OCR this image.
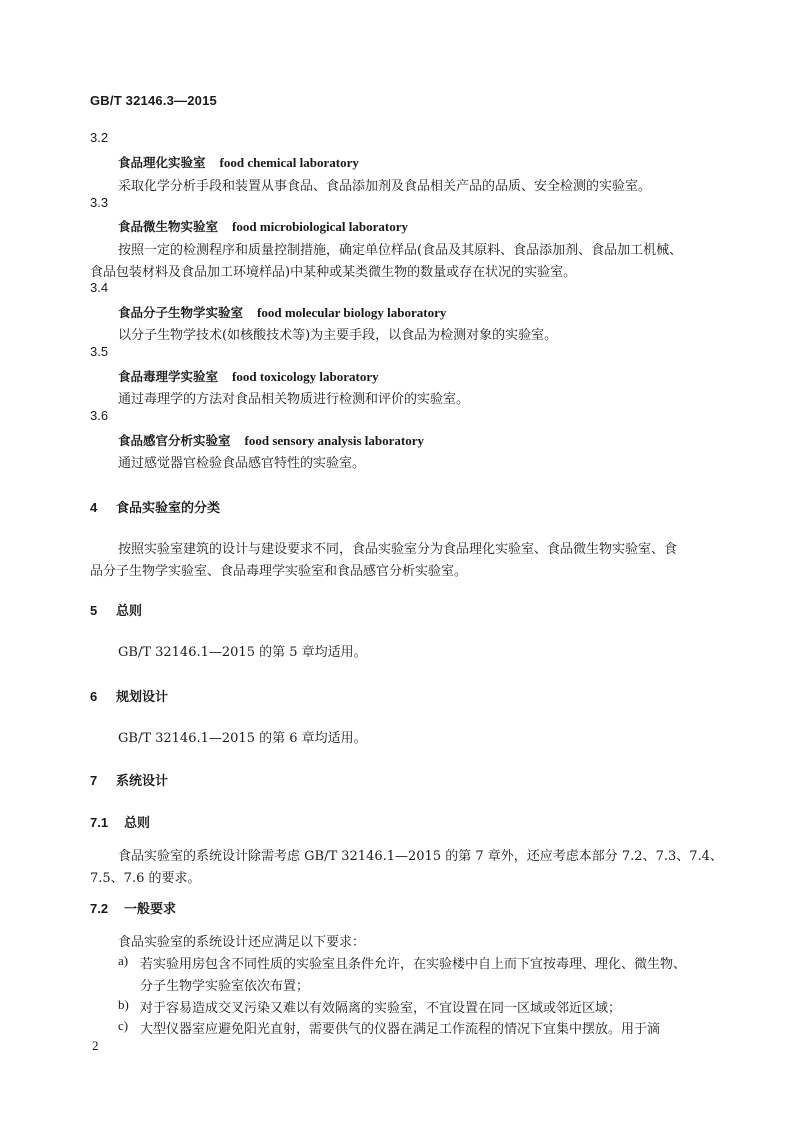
GB/T 32146.3—2015
3.2
食品理化实验室 food chemical laboratory
采取化学分析手段和装置从事食品、食品添加剂及食品相关产品的品质、安全检测的实验室。
3.3
食品微生物实验室 food microbiological laboratory
按照一定的检测程序和质量控制措施，确定单位样品(食品及其原料、食品添加剂、食品加工机械、
食品包装材料及食品加工环境样品)中某种或某类微生物的数量或存在状况的实验室。
3.4
食品分子生物学实验室 food molecular biology laboratory
以分子生物学技术(如核酸技术等)为主要手段，以食品为检测对象的实验室。
3.5
食品毒理学实验室 food toxicology laboratory
通过毒理学的方法对食品相关物质进行检测和评价的实验室。
3.6
食品感官分析实验室 food sensory analysis laboratory
通过感觉器官检验食品感官特性的实验室。
4 食品实验室的分类
按照实验室建筑的设计与建设要求不同，食品实验室分为食品理化实验室、食品微生物实验室、食
品分子生物学实验室、食品毒理学实验室和食品感官分析实验室。
5 总则
GB/T 32146.1—2015 的第 5 章均适用。
6 规划设计
GB/T 32146.1—2015 的第 6 章均适用。
7 系统设计
7.1 总则
食品实验室的系统设计除需考虑 GB/T 32146.1—2015 的第 7 章外，还应考虑本部分 7.2、7.3、7.4、
7.5、7.6 的要求。
7.2 一般要求
食品实验室的系统设计还应满足以下要求：
a) 若实验用房包含不同性质的实验室且条件允许，在实验楼中自上而下宜按毒理、理化、微生物、
分子生物学实验室依次布置；
b) 对于容易造成交叉污染又难以有效隔离的实验室，不宜设置在同一区域或邻近区域；
c) 大型仪器室应避免阳光直射，需要供气的仪器在满足工作流程的情况下宜集中摆放。用于滴
2
